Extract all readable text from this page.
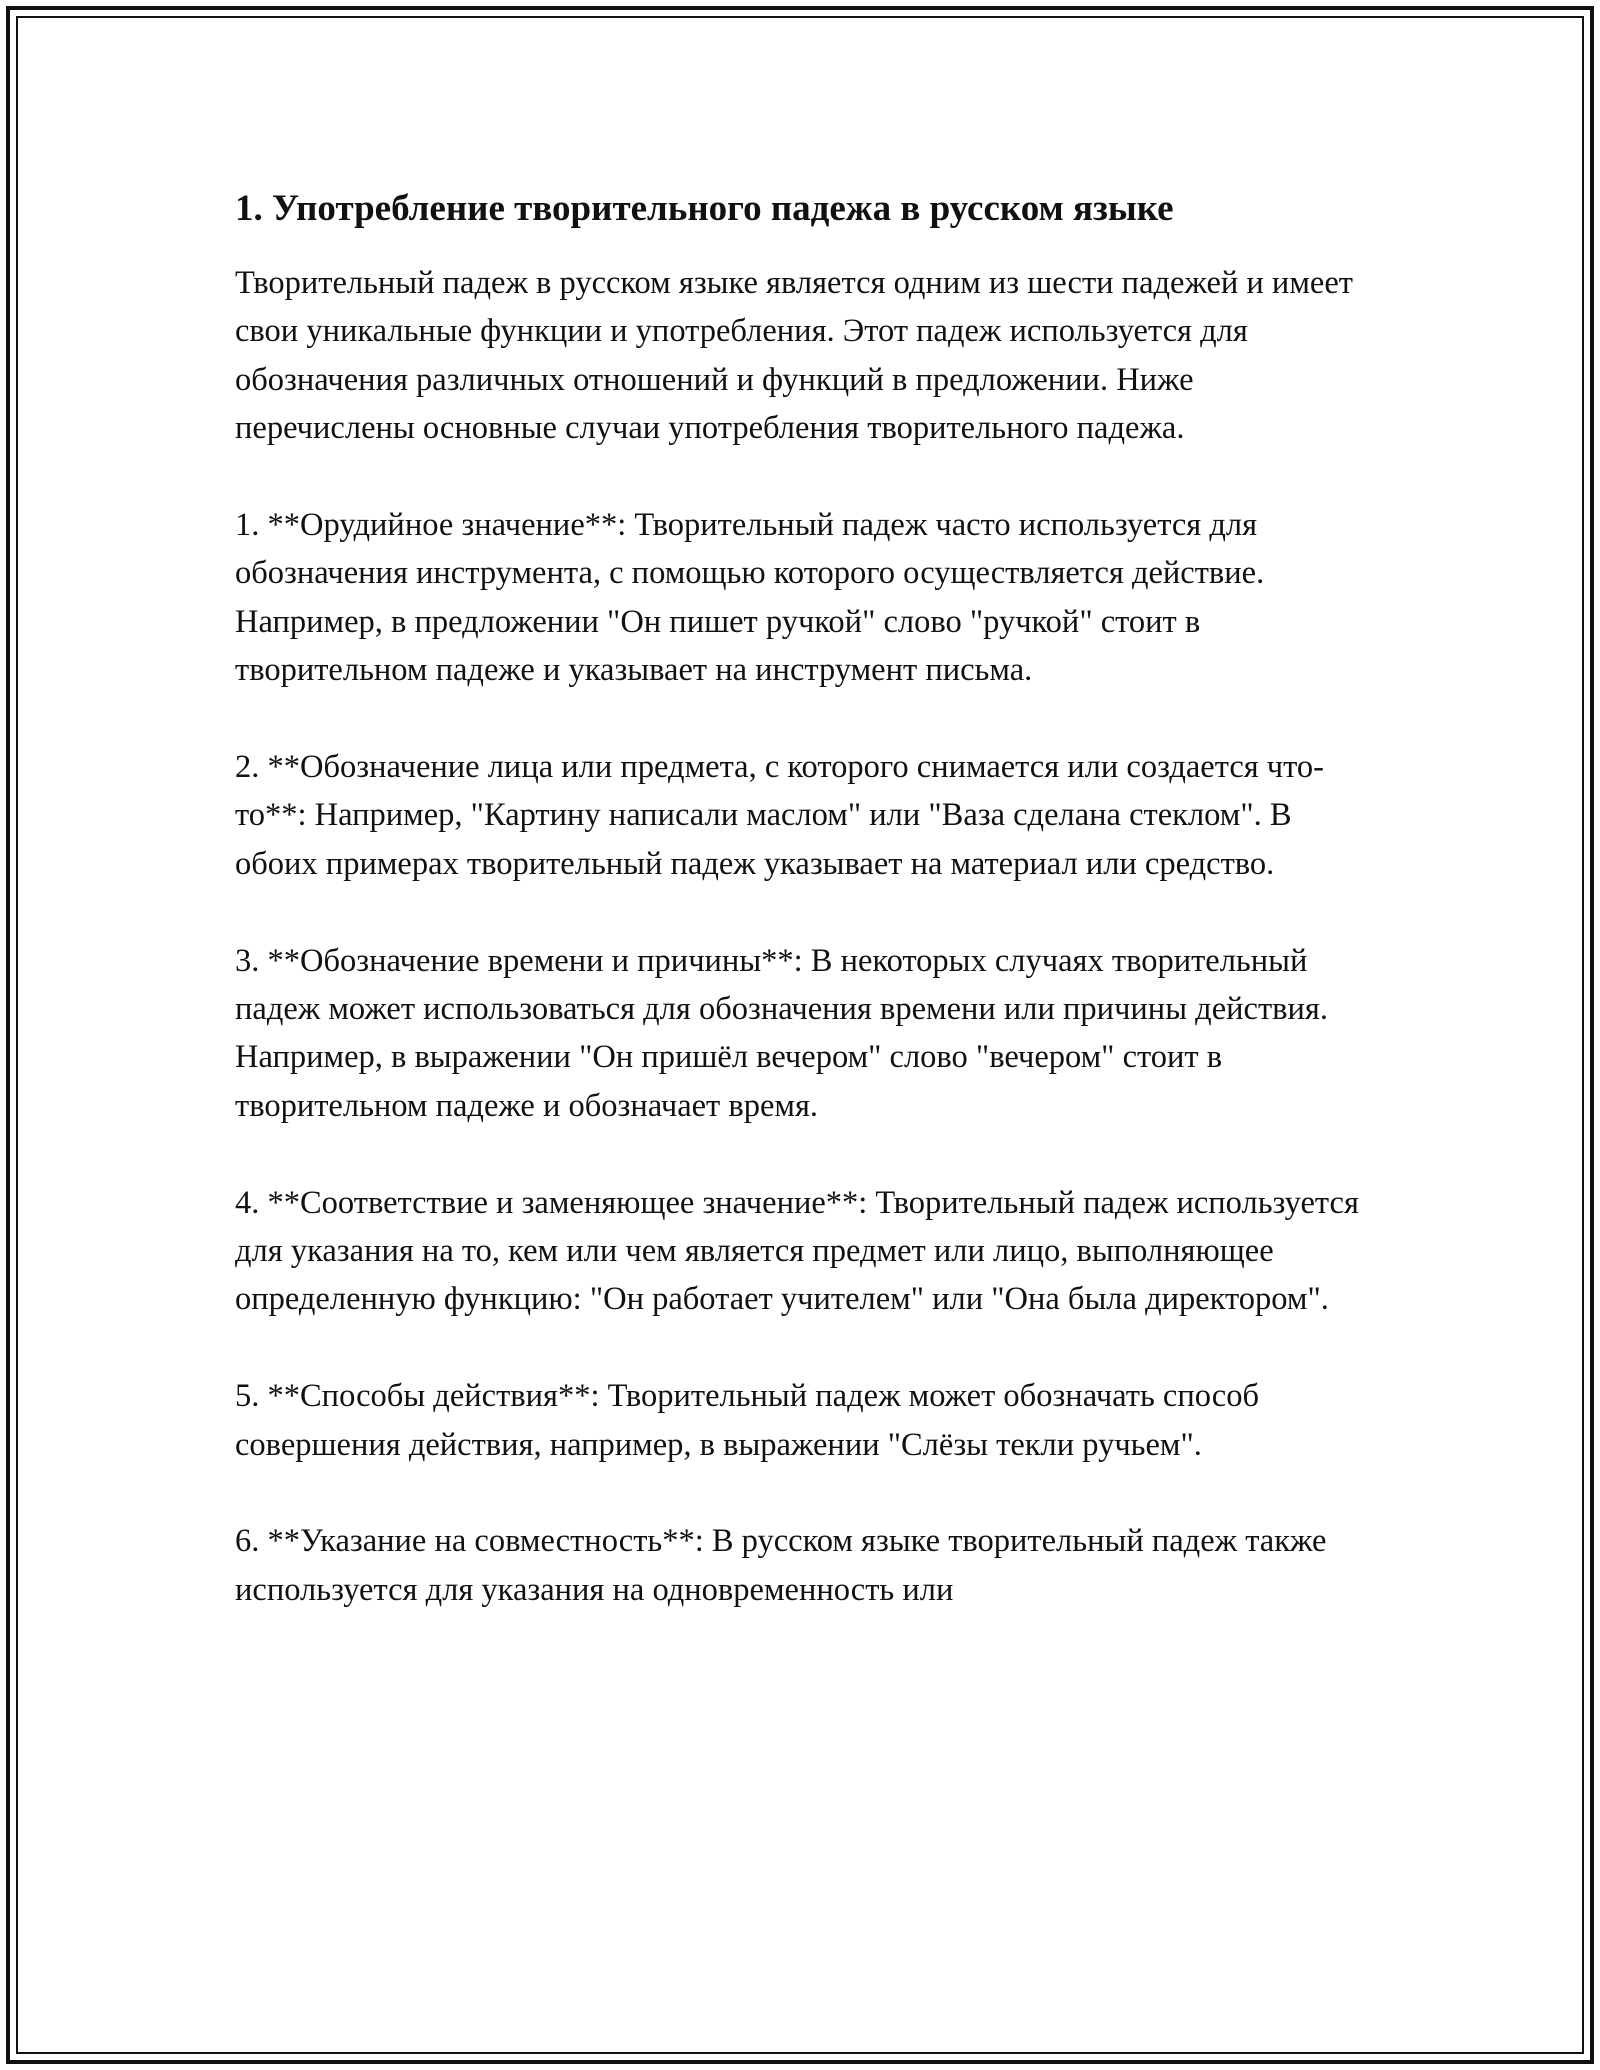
1. Употребление творительного падежа в русском языке

Творительный падеж в русском языке является одним из шести падежей и имеет свои уникальные функции и употребления. Этот падеж используется для обозначения различных отношений и функций в предложении. Ниже перечислены основные случаи употребления творительного падежа.

1. **Орудийное значение**: Творительный падеж часто используется для обозначения инструмента, с помощью которого осуществляется действие. Например, в предложении "Он пишет ручкой" слово "ручкой" стоит в творительном падеже и указывает на инструмент письма.

2. **Обозначение лица или предмета, с которого снимается или создается что-то**: Например, "Картину написали маслом" или "Ваза сделана стеклом". В обоих примерах творительный падеж указывает на материал или средство.

3. **Обозначение времени и причины**: В некоторых случаях творительный падеж может использоваться для обозначения времени или причины действия. Например, в выражении "Он пришёл вечером" слово "вечером" стоит в творительном падеже и обозначает время.

4. **Соответствие и заменяющее значение**: Творительный падеж используется для указания на то, кем или чем является предмет или лицо, выполняющее определенную функцию: "Он работает учителем" или "Она была директором".

5. **Способы действия**: Творительный падеж может обозначать способ совершения действия, например, в выражении "Слёзы текли ручьем".

6. **Указание на совместность**: В русском языке творительный падеж также используется для указания на одновременность или
